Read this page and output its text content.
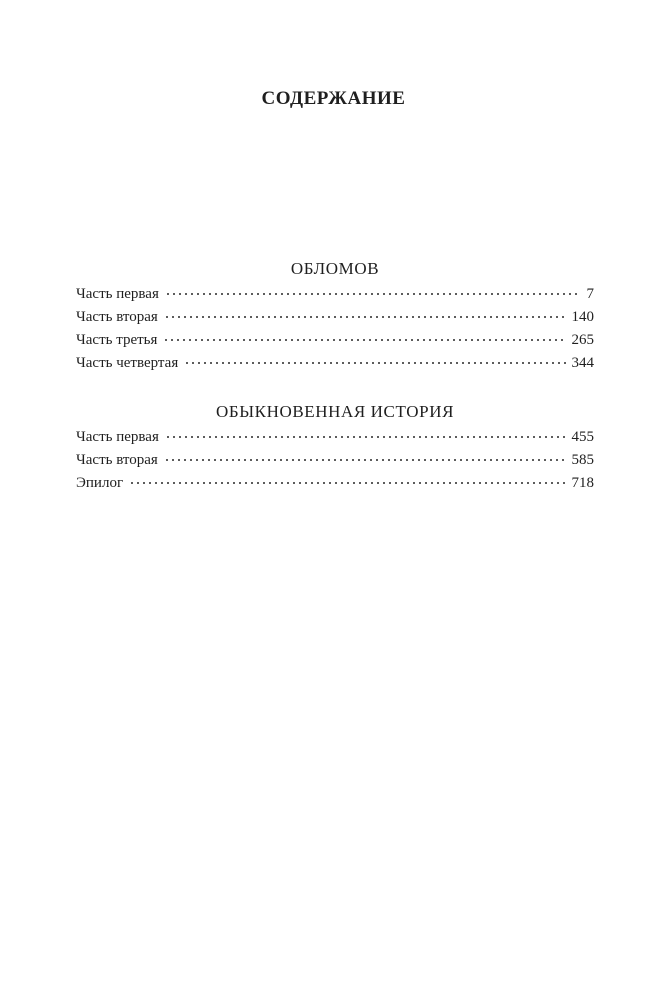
СОДЕРЖАНИЕ
ОБЛОМОВ
Часть первая	7
Часть вторая	140
Часть третья	265
Часть четвертая	344
ОБЫКНОВЕННАЯ ИСТОРИЯ
Часть первая	455
Часть вторая	585
Эпилог	718
